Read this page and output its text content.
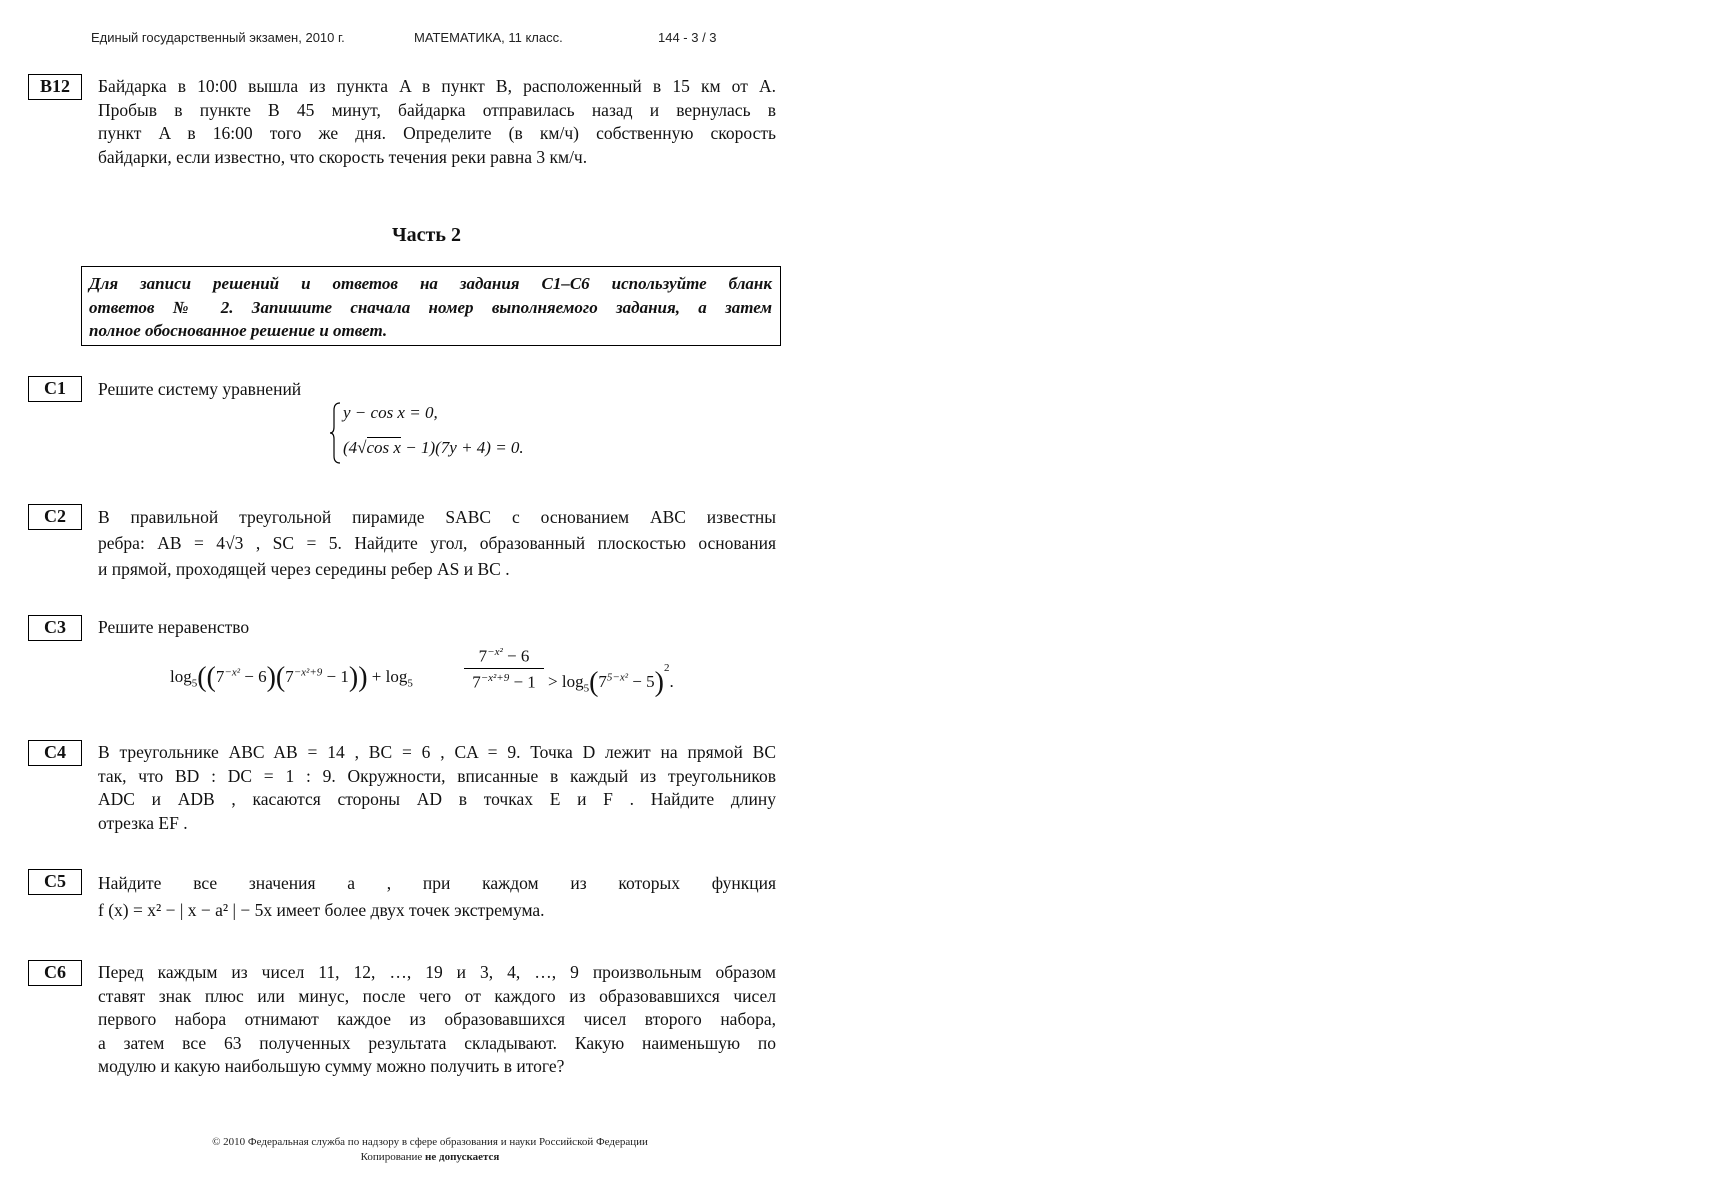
Единый государственный экзамен, 2010 г.	МАТЕМАТИКА, 11 класс.	144 - 3 / 3
B12	Байдарка в 10:00 вышла из пункта A в пункт B, расположенный в 15 км от A.
Пробыв в пункте B 45 минут, байдарка отправилась назад и вернулась в
пункт A в 16:00 того же дня. Определите (в км/ч) собственную скорость
байдарки, если известно, что скорость течения реки равна 3 км/ч.
Часть 2
Для записи решений и ответов на задания C1–C6 используйте бланк
ответов № 2. Запишите сначала номер выполняемого задания, а затем
полное обоснованное решение и ответ.
C1	Решите систему уравнений
y − cos x = 0,
(4√cos x − 1)(7y + 4) = 0.
C2	В правильной треугольной пирамиде SABC с основанием ABC известны
ребра: AB = 4√3 , SC = 5. Найдите угол, образованный плоскостью основания
и прямой, проходящей через середины ребер AS и BC .
C3	Решите неравенство
$\log_5((7^{-x^2} - 6)(7^{-x^2+9} - 1)) + \log_5$	$\frac{7^{-x^2} - 6}{7^{-x^2+9} - 1} > \log_5(7^{5-x^2} - 5)^2$.
C4	В треугольнике ABC AB = 14 , BC = 6 , CA = 9. Точка D лежит на прямой BC
так, что BD : DC = 1 : 9. Окружности, вписанные в каждый из треугольников
ADC и ADB , касаются стороны AD в точках E и F . Найдите длину
отрезка EF .
C5	Найдите все значения a , при каждом из которых функция
f (x) = x² − | x − a² | − 5x имеет более двух точек экстремума.
C6	Перед каждым из чисел 11, 12, …, 19 и 3, 4, …, 9 произвольным образом
ставят знак плюс или минус, после чего от каждого из образовавшихся чисел
первого набора отнимают каждое из образовавшихся чисел второго набора,
а затем все 63 полученных результата складывают. Какую наименьшую по
модулю и какую наибольшую сумму можно получить в итоге?
© 2010 Федеральная служба по надзору в сфере образования и науки Российской Федерации
Копирование не допускается
